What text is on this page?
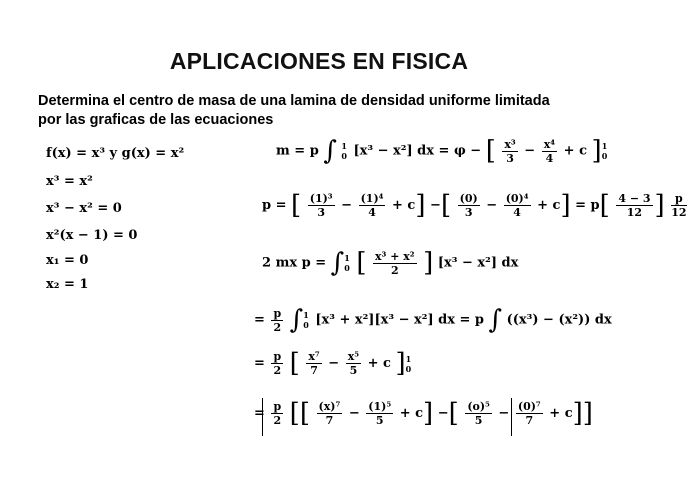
APLICACIONES EN FISICA
Determina el centro de masa de una lamina de densidad uniforme limitada
por las graficas de las ecuaciones
f(x) = x³ y g(x) = x²
x³ = x²
x³ − x² = 0
x²(x − 1) = 0
x₁ = 0
x₂ = 1
m = p ∫ 1
0 [x³ − x²] dx = φ − [ $\frac{\text{x³}}{3} - \frac{\text{x⁴}}{4} + c$ ] 1
0
p = [ $\frac{\text{(1)³}}{3} - \frac{\text{(1)⁴}}{4} + c$] −[ $\frac{(0)}{3} - \frac{\text{(0)⁴}}{4} + c] = p[ \frac{4 - 3}{12}$ ] $\frac{p}{12}$
2 mx p = ∫ 1
0 [ $\frac{\text{x³ + x²}}{2}$ ] [x³ − x²] dx
= $\frac{p}{2}$ ∫ 1
0 [x³ + x²][x³ − x²] dx = p ∫ ((x³) − (x²)) dx
= $\frac{p}{2}$ [ $\frac{\text{x⁷}}{7} - \frac{\text{x⁵}}{5} + c$ ] 1
0
= $\frac{p}{2}$ [[ $\frac{\text{(x)⁷}}{7} - \frac{\text{(1)⁵}}{5} + c$] −[ $\frac{\text{(o)⁵}}{5} - \frac{\text{(0)⁷}}{7} + c$]]
